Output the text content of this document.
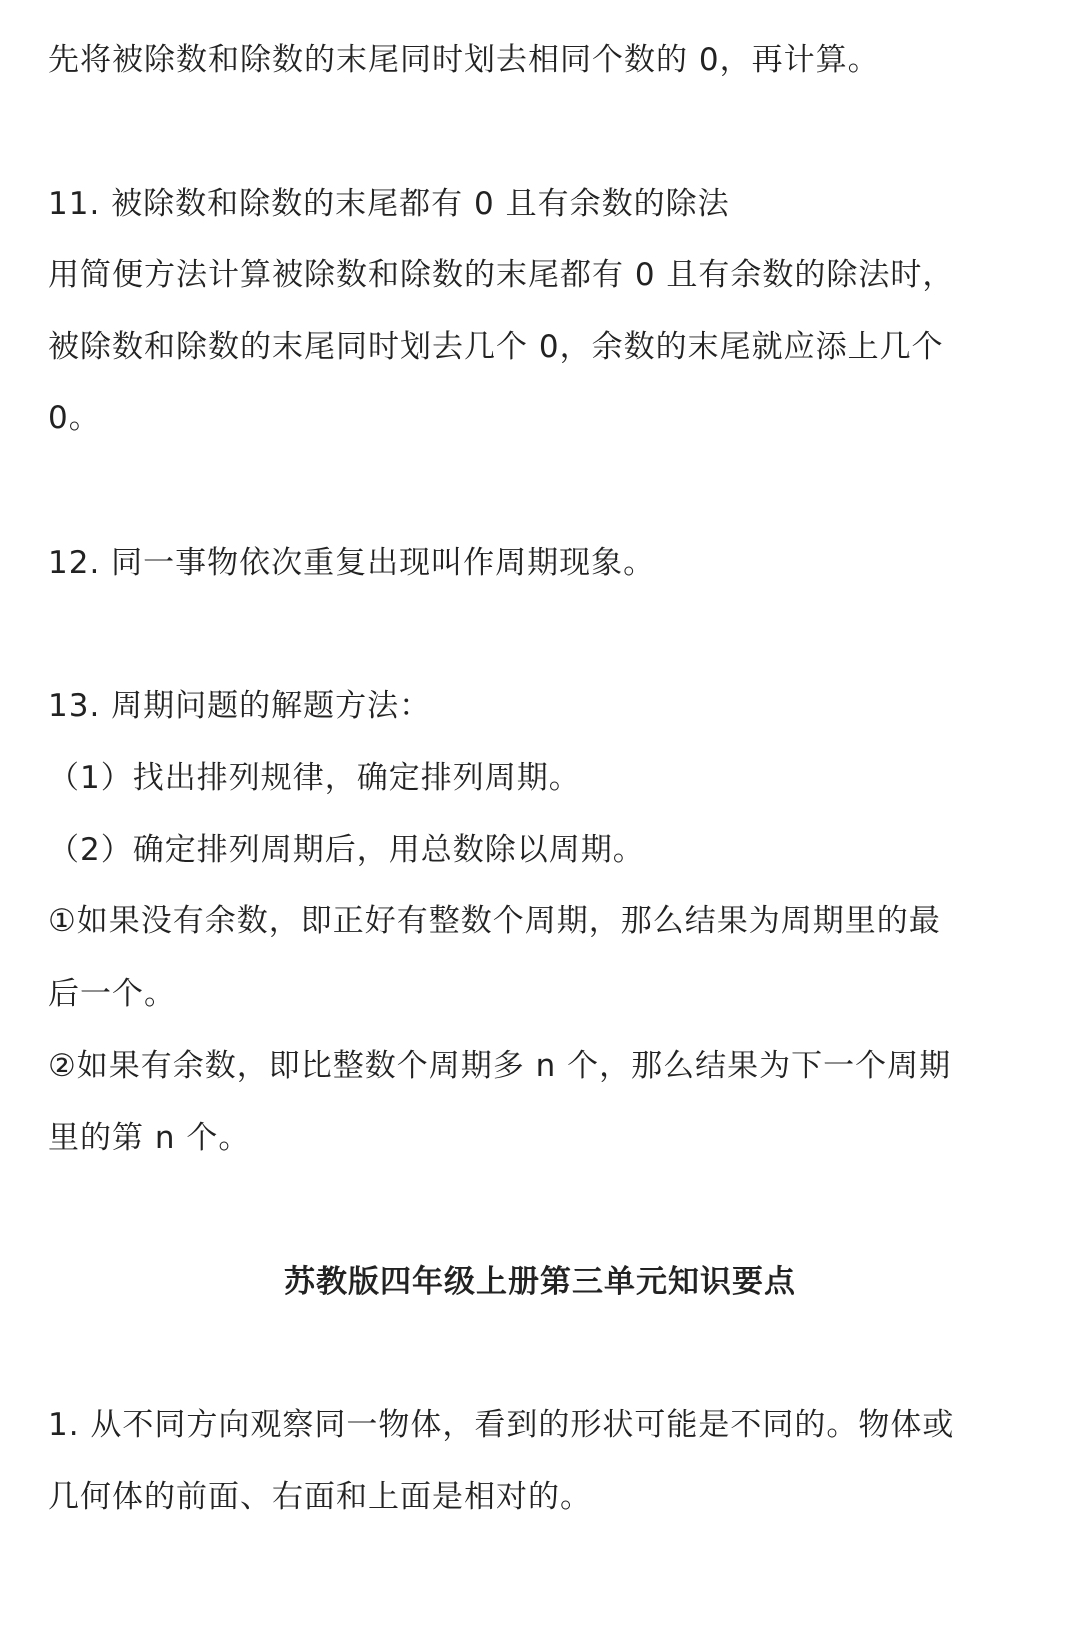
先将被除数和除数的末尾同时划去相同个数的 0，再计算。
11. 被除数和除数的末尾都有 0 且有余数的除法
用简便方法计算被除数和除数的末尾都有 0 且有余数的除法时，
被除数和除数的末尾同时划去几个 0，余数的末尾就应添上几个
0。
12. 同一事物依次重复出现叫作周期现象。
13. 周期问题的解题方法：
（1）找出排列规律，确定排列周期。
（2）确定排列周期后，用总数除以周期。
①如果没有余数，即正好有整数个周期，那么结果为周期里的最
后一个。
②如果有余数，即比整数个周期多 n 个，那么结果为下一个周期
里的第 n 个。
苏教版四年级上册第三单元知识要点
1. 从不同方向观察同一物体，看到的形状可能是不同的。物体或
几何体的前面、右面和上面是相对的。
